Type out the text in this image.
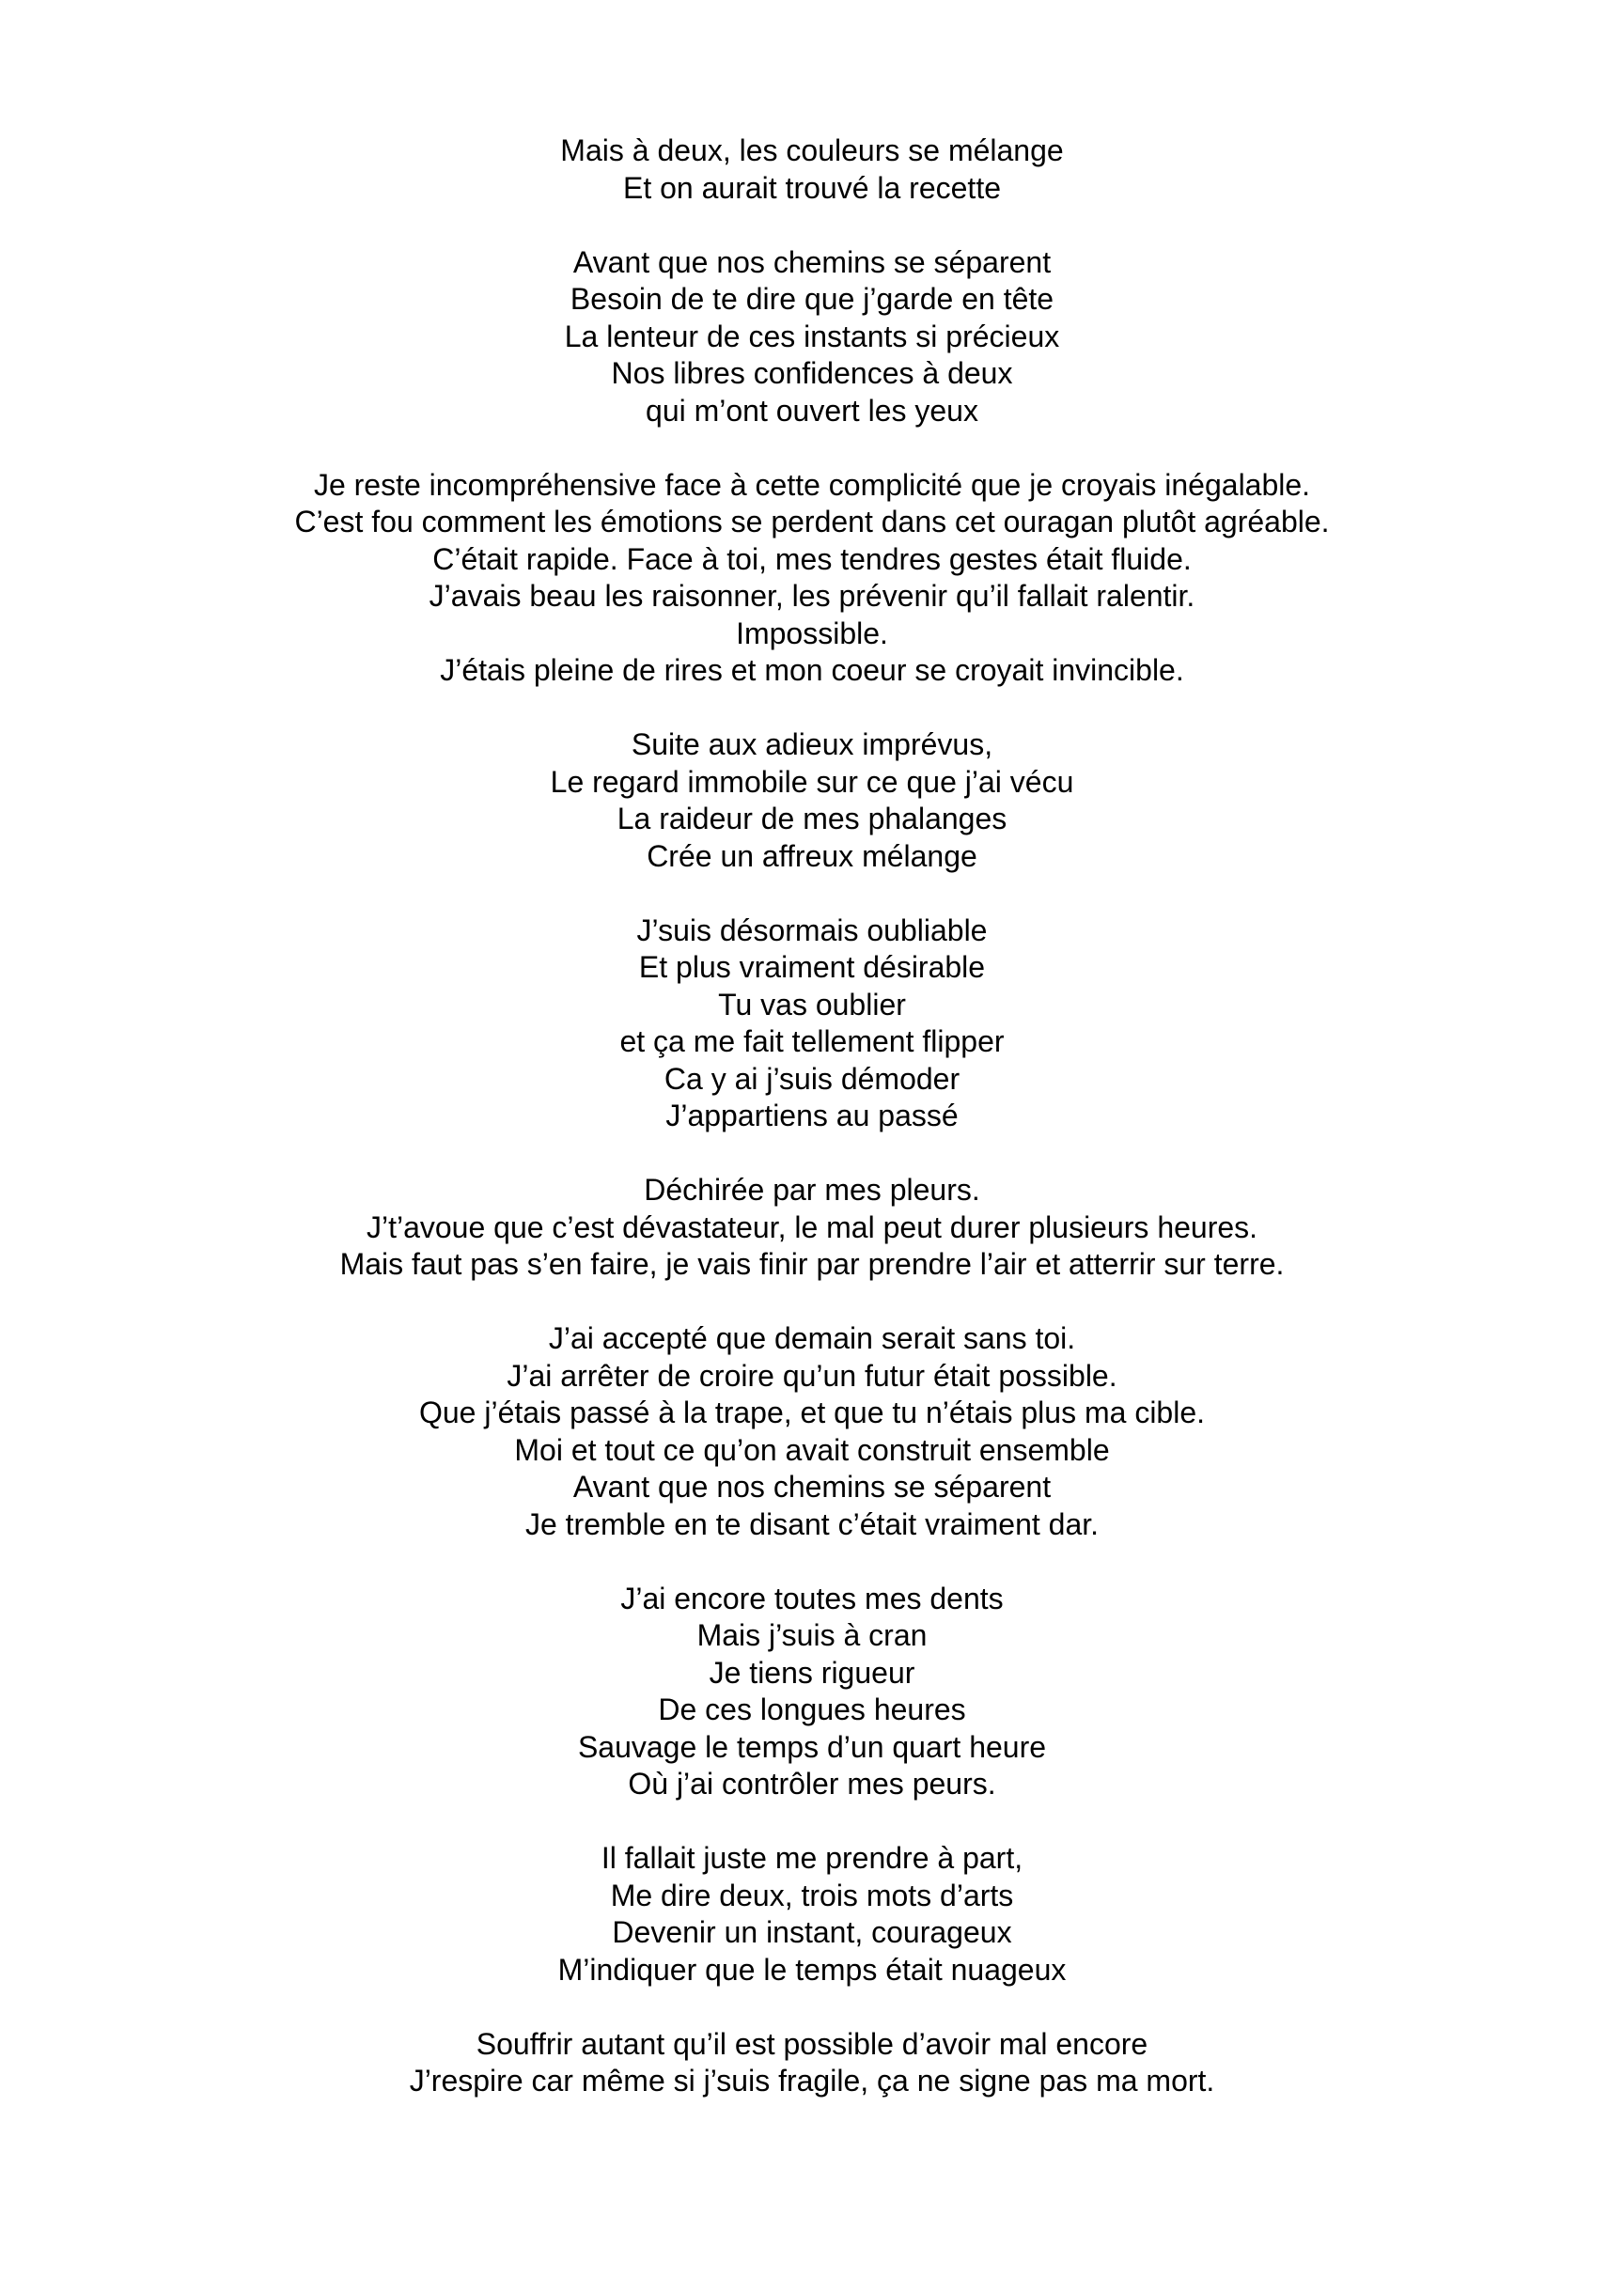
Mais à deux, les couleurs se mélange
Et on aurait trouvé la recette
Avant que nos chemins se séparent
Besoin de te dire que j’garde en tête
La lenteur de ces instants si précieux
Nos libres confidences à deux
qui m’ont ouvert les yeux
Je reste incompréhensive face à cette complicité que je croyais inégalable.
C’est fou comment les émotions se perdent dans cet ouragan plutôt agréable.
C’était rapide. Face à toi, mes tendres gestes était fluide.
J’avais beau les raisonner, les prévenir qu’il fallait ralentir.
Impossible.
J’étais pleine de rires et mon coeur se croyait invincible.
Suite aux adieux imprévus,
Le regard immobile sur ce que j’ai vécu
La raideur de mes phalanges
Crée un affreux mélange
J’suis désormais oubliable
Et plus vraiment désirable
Tu vas oublier
et ça me fait tellement flipper
Ca y ai j’suis démoder
J’appartiens au passé
Déchirée par mes pleurs.
J’t’avoue que c’est dévastateur, le mal peut durer plusieurs heures.
Mais faut pas s’en faire, je vais finir par prendre l’air et atterrir sur terre.
J’ai accepté que demain serait sans toi.
J’ai arrêter de croire qu’un futur était possible.
Que j’étais passé à la trape, et que tu n’étais plus ma cible.
Moi et tout ce qu’on avait construit ensemble
Avant que nos chemins se séparent
Je tremble en te disant c’était vraiment dar.
J’ai encore toutes mes dents
Mais j’suis à cran
Je tiens rigueur
De ces longues heures
Sauvage le temps d’un quart heure
Où j’ai contrôler mes peurs.
Il fallait juste me prendre à part,
Me dire deux, trois mots d’arts
Devenir un instant, courageux
M’indiquer que le temps était nuageux
Souffrir autant qu’il est possible d’avoir mal encore
J’respire car même si j’suis fragile, ça ne signe pas ma mort.
